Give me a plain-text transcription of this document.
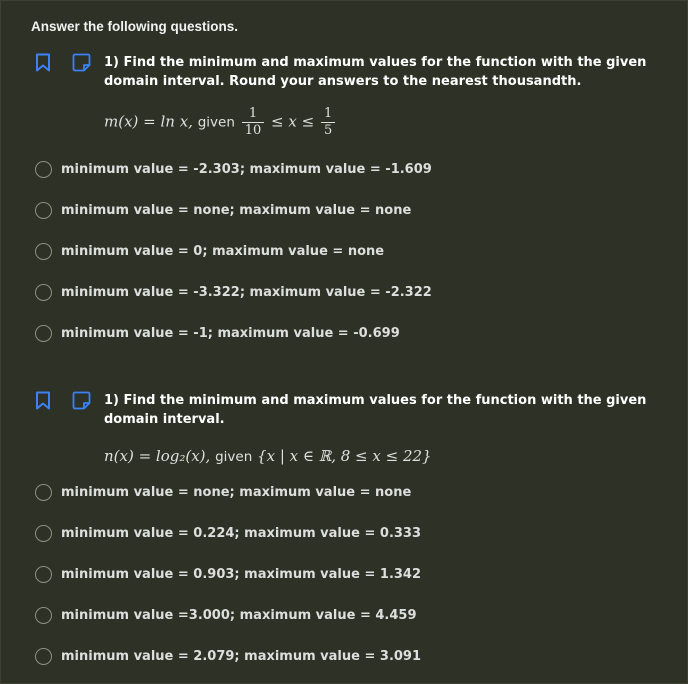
Answer the following questions.
1) Find the minimum and maximum values for the function with the given domain interval. Round your answers to the nearest thousandth.
m(x) = ln x, given $\frac{1}{10} \le x \le \frac{1}{5}$
minimum value = -2.303; maximum value = -1.609
minimum value = none; maximum value = none
minimum value = 0; maximum value = none
minimum value = -3.322; maximum value = -2.322
minimum value = -1; maximum value = -0.699
1) Find the minimum and maximum values for the function with the given domain interval.
n(x) = log₂(x), given {x | x ∈ ℝ, 8 ≤ x ≤ 22}
minimum value = none; maximum value = none
minimum value = 0.224; maximum value = 0.333
minimum value = 0.903; maximum value = 1.342
minimum value =3.000; maximum value = 4.459
minimum value = 2.079; maximum value = 3.091
